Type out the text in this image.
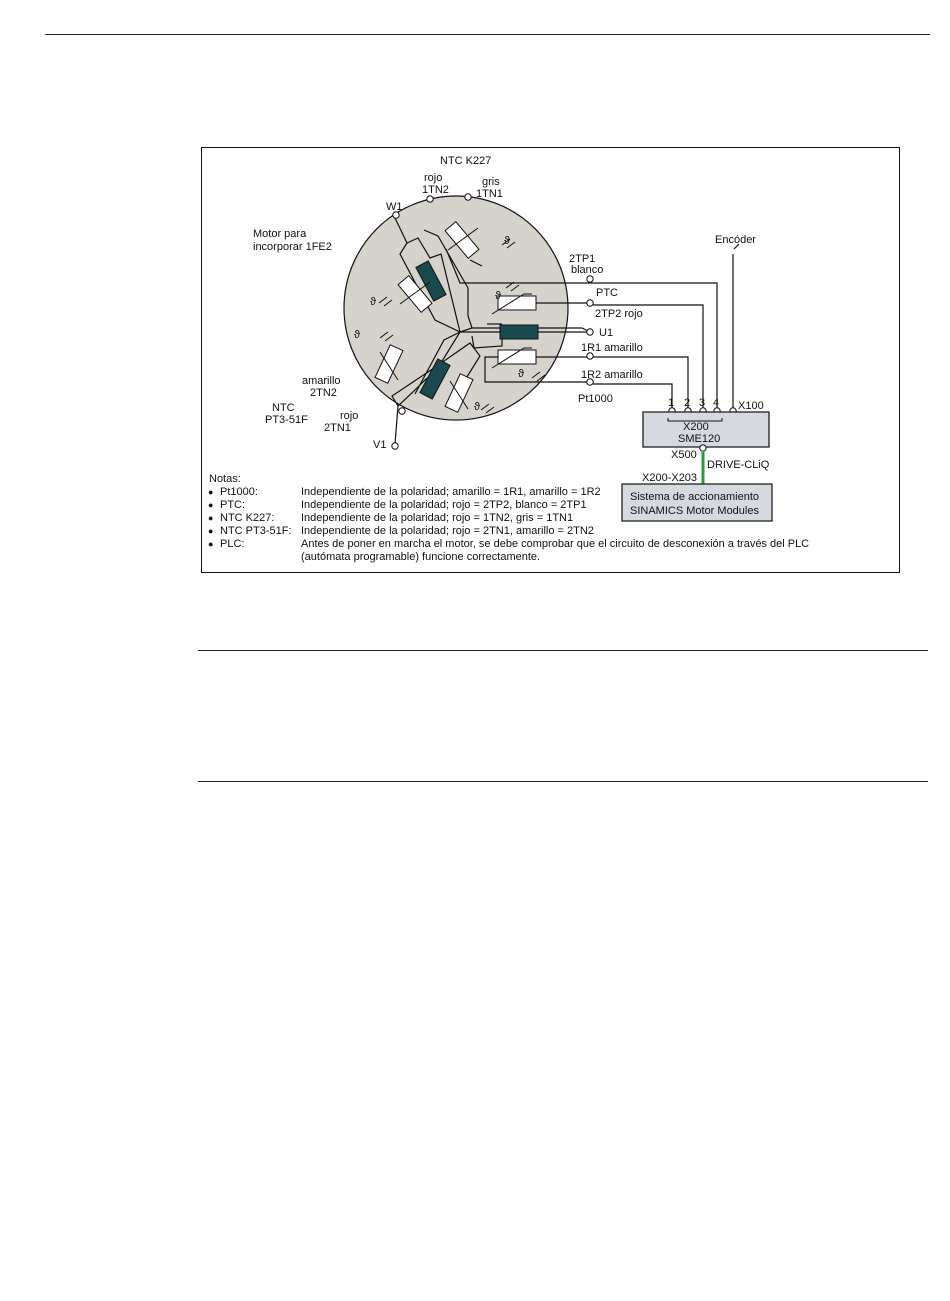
ϑ
ϑ
ϑ
ϑ
ϑ
ϑ
NTC K227
rojo
1TN2
gris
1TN1
W1
Motor para
incorporar 1FE2
2TP1
blanco
PTC
2TP2 rojo
U1
1R1 amarillo
1R2 amarillo
Pt1000
Encóder
amarillo
2TN2
NTC
PT3-51F	rojo
2TN1
V1
1 2 3 4 X100
X200
SME120
X500
DRIVE-CLiQ
X200-X203
Sistema de accionamiento
SINAMICS Motor Modules
Notas:
● Pt1000:	Independiente de la polaridad; amarillo = 1R1, amarillo = 1R2
● PTC:	Independiente de la polaridad; rojo = 2TP2, blanco = 2TP1
● NTC K227: Independiente de la polaridad; rojo = 1TN2, gris = 1TN1
● NTC PT3-51F: Independiente de la polaridad; rojo = 2TN1, amarillo = 2TN2
● PLC:	Antes de poner en marcha el motor, se debe comprobar que el circuito de desconexión a través del PLC
(autómata programable) funcione correctamente.
